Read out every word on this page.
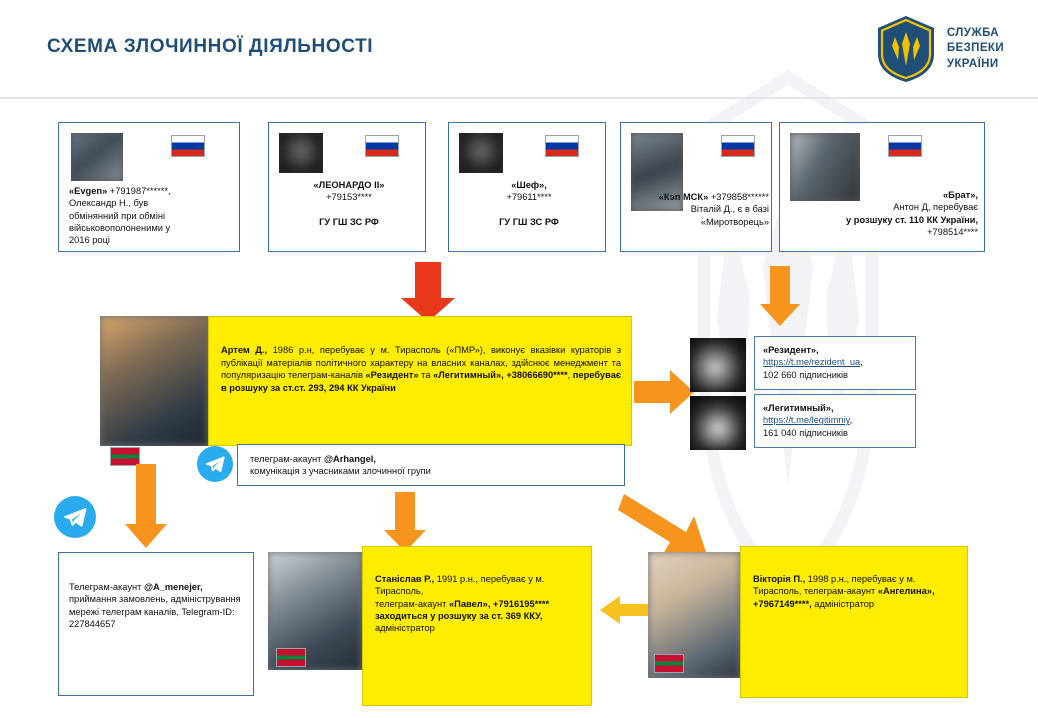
СХЕМА ЗЛОЧИННОЇ ДІЯЛЬНОСТІ
СЛУЖБА
БЕЗПЕКИ
УКРАЇНИ
«Evgen» +791987******,
Олександр Н., був
обмінянний при обміні
військовополоненими у
2016 році
«ЛЕОНАРДО ІІ»
+79153****

ГУ ГШ ЗС РФ
«Шеф»,
+79611****

ГУ ГШ ЗС РФ
«Кэп МСК» +379858******
Віталій Д., є в базі
«Миротворець»
«Брат»,
Антон Д, перебуває
у розшуку ст. 110 КК України,
+798514****
Артем Д., 1986 р.н, перебуває у м. Тирасполь («ПМР»), виконує вказівки кураторів з публікації матеріалів політичного характеру на власних каналах, здійснює менеджмент та популяризацію телеграм-каналів «Резидент» та «Легитимный», +38066690****, перебуває в розшуку за ст.ст. 293, 294 КК України
«Резидент»,
https://t.me/rezident_ua,
102 660 підписників
«Легитимный»,
https://t.me/legitimniy,
161 040 підписників
телеграм-акаунт @Arhangel,
комунікація з учасниками злочинної групи
Телеграм-акаунт @A_menejer, приймання замовлень, адміністрування мережі телеграм каналів, Telegram-ID: 227844657
Станіслав Р., 1991 р.н., перебуває у м. Тирасполь,
телеграм-акаунт «Павел», +7916195**** заходиться у розшуку за ст. 369 ККУ, адміністратор
Вікторія П., 1998 р.н., перебуває у м. Тирасполь, телеграм-акаунт «Ангелина», +7967149****, адміністратор
